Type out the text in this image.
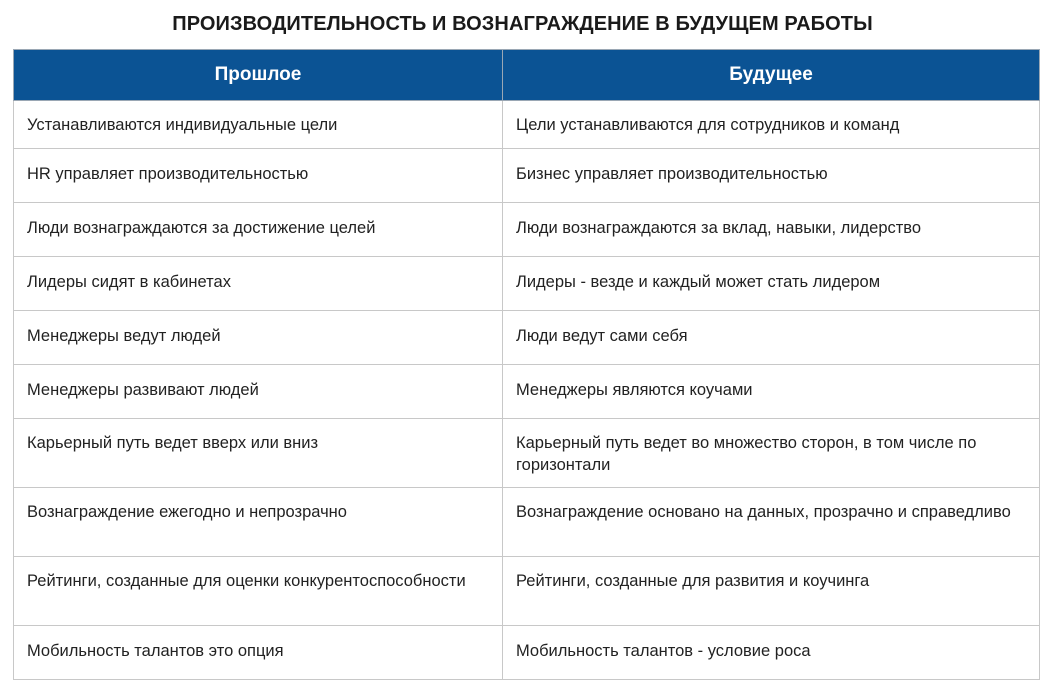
ПРОИЗВОДИТЕЛЬНОСТЬ И ВОЗНАГРАЖДЕНИЕ В БУДУЩЕМ РАБОТЫ
Прошлое	Будущее
Устанавливаются индивидуальные цели	Цели устанавливаются для сотрудников и команд
HR управляет производительностью	Бизнес управляет производительностью
Люди вознаграждаются за достижение целей	Люди вознаграждаются за вклад, навыки, лидерство
Лидеры сидят в кабинетах	Лидеры - везде и каждый может стать лидером
Менеджеры ведут людей	Люди ведут сами себя
Менеджеры развивают людей	Менеджеры являются коучами
Карьерный путь ведет вверх или вниз	Карьерный путь ведет во множество сторон, в том числе по горизонтали
Вознаграждение ежегодно и непрозрачно	Вознаграждение основано на данных, прозрачно и справедливо
Рейтинги, созданные для оценки конкурентоспособности	Рейтинги, созданные для развития и коучинга
Мобильность талантов это опция	Мобильность талантов - условие роса
